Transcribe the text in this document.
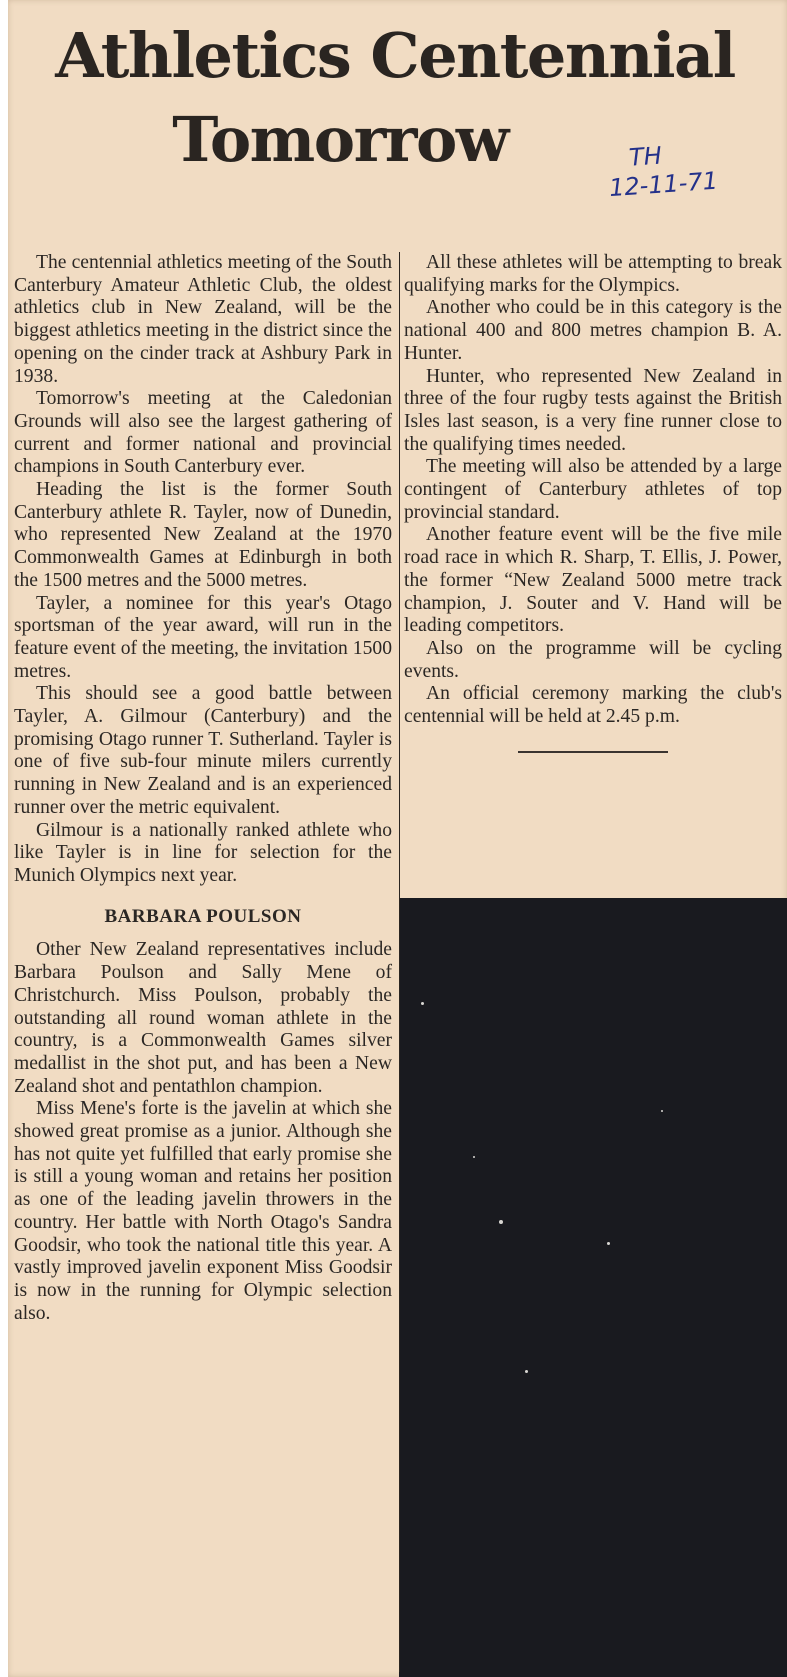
Athletics Centennial
Tomorrow	TH
12-11-71

The centennial athletics meeting of the South Canterbury Amateur Athletic Club, the oldest athletics club in New Zealand, will be the biggest athletics meeting in the district since the opening on the cinder track at Ashbury Park in 1938.

Tomorrow's meeting at the Caledonian Grounds will also see the largest gathering of current and former national and provincial champions in South Canterbury ever.

Heading the list is the former South Canterbury athlete R. Tayler, now of Dunedin, who represented New Zealand at the 1970 Commonwealth Games at Edinburgh in both the 1500 metres and the 5000 metres.

Tayler, a nominee for this year's Otago sportsman of the year award, will run in the feature event of the meeting, the invitation 1500 metres.

This should see a good battle between Tayler, A. Gilmour (Canterbury) and the promising Otago runner T. Sutherland. Tayler is one of five sub-four minute milers currently running in New Zealand and is an experienced runner over the metric equivalent.

Gilmour is a nationally ranked athlete who like Tayler is in line for selection for the Munich Olympics next year.

BARBARA POULSON

Other New Zealand representatives include Barbara Poulson and Sally Mene of Christchurch. Miss Poulson, probably the outstanding all round woman athlete in the country, is a Commonwealth Games silver medallist in the shot put, and has been a New Zealand shot and pentathlon champion.

Miss Mene's forte is the javelin at which she showed great promise as a junior. Although she has not quite yet fulfilled that early promise she is still a young woman and retains her position as one of the leading javelin throwers in the country. Her battle with North Otago's Sandra Goodsir, who took the national title this year. A vastly improved javelin exponent Miss Goodsir is now in the running for Olympic selection also.

All these athletes will be attempting to break qualifying marks for the Olympics.

Another who could be in this category is the national 400 and 800 metres champion B. A. Hunter.

Hunter, who represented New Zealand in three of the four rugby tests against the British Isles last season, is a very fine runner close to the qualifying times needed.

The meeting will also be attended by a large contingent of Canterbury athletes of top provincial standard.

Another feature event will be the five mile road race in which R. Sharp, T. Ellis, J. Power, the former “New Zealand 5000 metre track champion, J. Souter and V. Hand will be leading competitors.

Also on the programme will be cycling events.

An official ceremony marking the club's centennial will be held at 2.45 p.m.
